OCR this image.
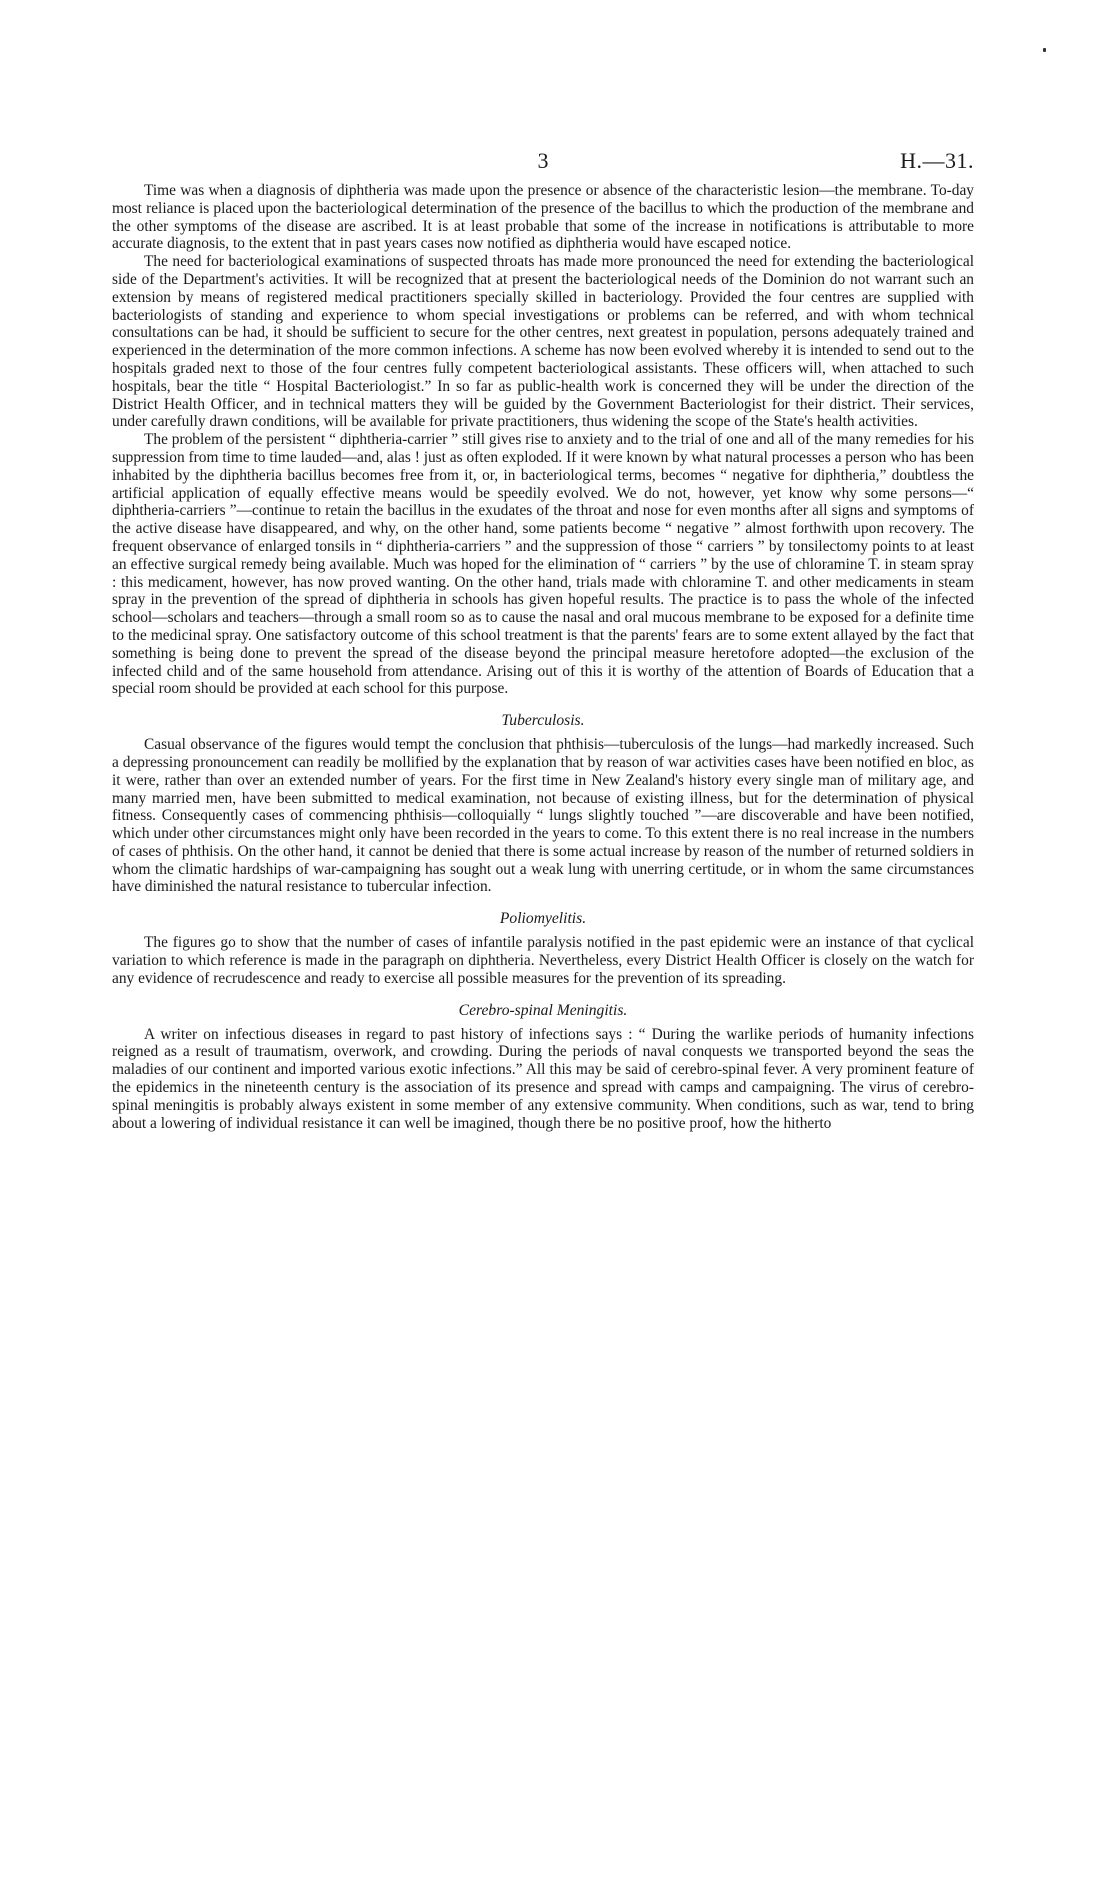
3	H.—31.

Time was when a diagnosis of diphtheria was made upon the presence or absence of the characteristic lesion—the membrane. To-day most reliance is placed upon the bacteriological determination of the presence of the bacillus to which the production of the membrane and the other symptoms of the disease are ascribed. It is at least probable that some of the increase in notifications is attributable to more accurate diagnosis, to the extent that in past years cases now notified as diphtheria would have escaped notice.

The need for bacteriological examinations of suspected throats has made more pronounced the need for extending the bacteriological side of the Department's activities. It will be recognized that at present the bacteriological needs of the Dominion do not warrant such an extension by means of registered medical practitioners specially skilled in bacteriology. Provided the four centres are supplied with bacteriologists of standing and experience to whom special investigations or problems can be referred, and with whom technical consultations can be had, it should be sufficient to secure for the other centres, next greatest in population, persons adequately trained and experienced in the determination of the more common infections. A scheme has now been evolved whereby it is intended to send out to the hospitals graded next to those of the four centres fully competent bacteriological assistants. These officers will, when attached to such hospitals, bear the title “ Hospital Bacteriologist.” In so far as public-health work is concerned they will be under the direction of the District Health Officer, and in technical matters they will be guided by the Government Bacteriologist for their district. Their services, under carefully drawn conditions, will be available for private practitioners, thus widening the scope of the State's health activities.

The problem of the persistent “ diphtheria-carrier ” still gives rise to anxiety and to the trial of one and all of the many remedies for his suppression from time to time lauded—and, alas ! just as often exploded. If it were known by what natural processes a person who has been inhabited by the diphtheria bacillus becomes free from it, or, in bacteriological terms, becomes “ negative for diphtheria,” doubtless the artificial application of equally effective means would be speedily evolved. We do not, however, yet know why some persons—“ diphtheria-carriers ”—continue to retain the bacillus in the exudates of the throat and nose for even months after all signs and symptoms of the active disease have disappeared, and why, on the other hand, some patients become “ negative ” almost forthwith upon recovery. The frequent observance of enlarged tonsils in “ diphtheria-carriers ” and the suppression of those “ carriers ” by tonsilectomy points to at least an effective surgical remedy being available. Much was hoped for the elimination of “ carriers ” by the use of chloramine T. in steam spray : this medicament, however, has now proved wanting. On the other hand, trials made with chloramine T. and other medicaments in steam spray in the prevention of the spread of diphtheria in schools has given hopeful results. The practice is to pass the whole of the infected school—scholars and teachers—through a small room so as to cause the nasal and oral mucous membrane to be exposed for a definite time to the medicinal spray. One satisfactory outcome of this school treatment is that the parents' fears are to some extent allayed by the fact that something is being done to prevent the spread of the disease beyond the principal measure heretofore adopted—the exclusion of the infected child and of the same household from attendance. Arising out of this it is worthy of the attention of Boards of Education that a special room should be provided at each school for this purpose.

Tuberculosis.

Casual observance of the figures would tempt the conclusion that phthisis—tuberculosis of the lungs—had markedly increased. Such a depressing pronouncement can readily be mollified by the explanation that by reason of war activities cases have been notified en bloc, as it were, rather than over an extended number of years. For the first time in New Zealand's history every single man of military age, and many married men, have been submitted to medical examination, not because of existing illness, but for the determination of physical fitness. Consequently cases of commencing phthisis—colloquially “ lungs slightly touched ”—are discoverable and have been notified, which under other circumstances might only have been recorded in the years to come. To this extent there is no real increase in the numbers of cases of phthisis. On the other hand, it cannot be denied that there is some actual increase by reason of the number of returned soldiers in whom the climatic hardships of war-campaigning has sought out a weak lung with unerring certitude, or in whom the same circumstances have diminished the natural resistance to tubercular infection.

Poliomyelitis.

The figures go to show that the number of cases of infantile paralysis notified in the past epidemic were an instance of that cyclical variation to which reference is made in the paragraph on diphtheria. Nevertheless, every District Health Officer is closely on the watch for any evidence of recrudescence and ready to exercise all possible measures for the prevention of its spreading.

Cerebro-spinal Meningitis.

A writer on infectious diseases in regard to past history of infections says : “ During the warlike periods of humanity infections reigned as a result of traumatism, overwork, and crowding. During the periods of naval conquests we transported beyond the seas the maladies of our continent and imported various exotic infections.” All this may be said of cerebro-spinal fever. A very prominent feature of the epidemics in the nineteenth century is the association of its presence and spread with camps and campaigning. The virus of cerebro-spinal meningitis is probably always existent in some member of any extensive community. When conditions, such as war, tend to bring about a lowering of individual resistance it can well be imagined, though there be no positive proof, how the hitherto
